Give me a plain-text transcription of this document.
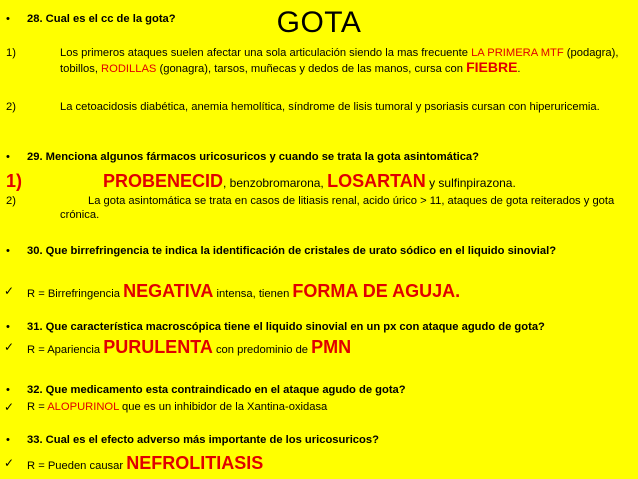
GOTA
• 28. Cual es el cc de la gota?
1)	Los primeros ataques suelen afectar una sola articulación siendo la mas frecuente LA PRIMERA MTF (podagra), tobillos, RODILLAS (gonagra), tarsos, muñecas y dedos de las manos, cursa con FIEBRE.
2)	La cetoacidosis diabética, anemia hemolítica, síndrome de lisis tumoral y psoriasis cursan con hiperuricemia.
• 29. Menciona algunos fármacos uricosuricos y cuando se trata la gota asintomática?
1)	PROBENECID, benzobromarona, LOSARTAN y sulfinpirazona.
2)	La gota asintomática se trata en casos de litiasis renal, acido úrico > 11, ataques de gota reiterados y gota crónica.
• 30. Que birrefringencia te indica la identificación de cristales de urato sódico en el liquido sinovial?
✓ R = Birrefringencia NEGATIVA intensa, tienen FORMA DE AGUJA.
• 31. Que característica macroscópica tiene el liquido sinovial en un px con ataque agudo de gota?
✓ R = Apariencia PURULENTA con predominio de PMN
• 32. Que medicamento esta contraindicado en el ataque agudo de gota?
✓ R = ALOPURINOL que es un inhibidor de la Xantina-oxidasa
• 33. Cual es el efecto adverso más importante de los uricosuricos?
✓ R = Pueden causar NEFROLITIASIS
